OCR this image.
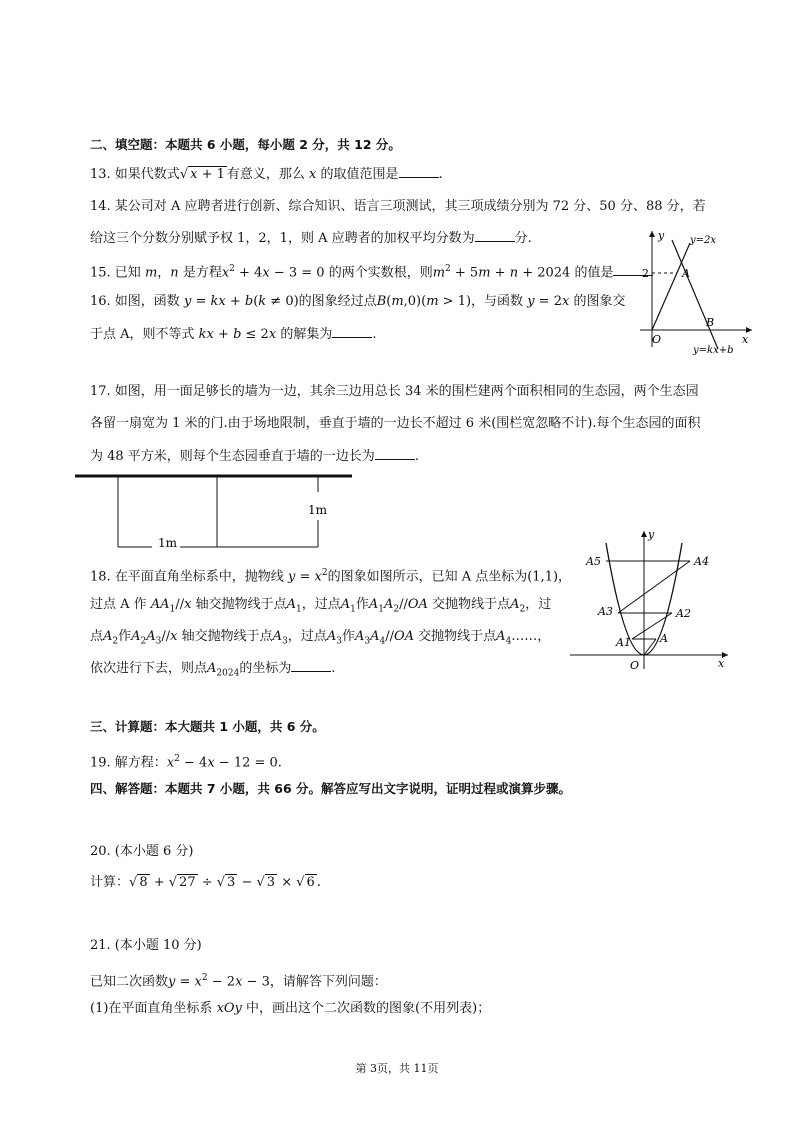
二、填空题：本题共 6 小题，每小题 2 分，共 12 分。
13. 如果代数式√ x + 1 有意义，那么 x 的取值范围是	.
14. 某公司对 A 应聘者进行创新、综合知识、语言三项测试，其三项成绩分别为 72 分、50 分、88 分，若
给这三个分数分别赋予权 1，2，1，则 A 应聘者的加权平均分数为	分.
15. 已知 m，n 是方程$x^2 + 4x - 3 = 0$ 的两个实数根，则$m^2 + 5m + n + 2024$ 的值是
16. 如图，函数 y = kx + b(k ≠ 0)的图象经过点B(m,0)(m > 1)，与函数 y = 2x 的图象交
于点 A，则不等式 kx + b ≤ 2x 的解集为	.
y
x
2	A
B
O
y=2x
y=kx+b
17. 如图，用一面足够长的墙为一边，其余三边用总长 34 米的围栏建两个面积相同的生态园，两个生态园
各留一扇宽为 1 米的门.由于场地限制，垂直于墙的一边长不超过 6 米(围栏宽忽略不计).每个生态园的面积
为 48 平方米，则每个生态园垂直于墙的一边长为	.
1m
1m
18. 在平面直角坐标系中，抛物线 $y = x^2$的图象如图所示，已知 A 点坐标为(1,1)，
过点 A 作 $AA_1//x$ 轴交抛物线于点$A_1$，过点$A_1$作$A_1A_2//OA$ 交抛物线于点$A_2$，过
点$A_2$作$A_2A_3//x$ 轴交抛物线于点$A_3$，过点$A_3$作$A_3A_4//OA$ 交抛物线于点$A_4\dots\dots$，
依次进行下去，则点$A_{2024}$的坐标为	.
y
x
O
A
A1
A2
A3
A4
A5
三、计算题：本大题共 1 小题，共 6 分。
19. 解方程：$x^2 - 4x - 12 = 0$.
四、解答题：本题共 7 小题，共 66 分。解答应写出文字说明，证明过程或演算步骤。
20. (本小题 6 分)
计算：√ 8 + √ 27 ÷ √ 3 − √ 3 × √ 6 .
21. (本小题 10 分)
已知二次函数$y = x^2 - 2x - 3$，请解答下列问题：
(1)在平面直角坐标系 xOy 中，画出这个二次函数的图象(不用列表)；
第 3页，共 11页
